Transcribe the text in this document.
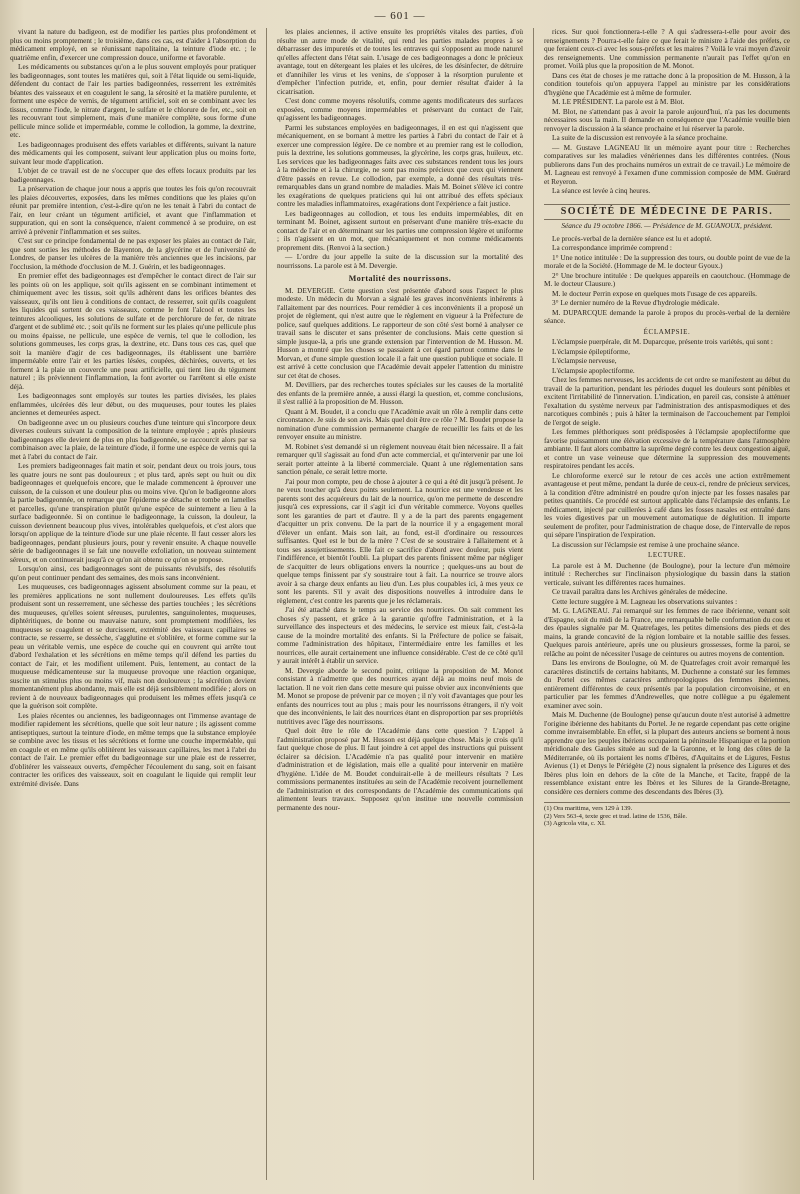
— 601 —

vivant la nature du badigeon, est de modifier les parties plus profondément et plus ou moins promptement ; le troisième, dans ces cas, est d'aider à l'absorption du médicament employé, en se réunissant napolitaine, la teinture d'iode etc. ; le quatrième enfin, d'exercer une compression douce, uniforme et favorable.

Les médicaments ou substances qu'on a le plus souvent employés pour pratiquer les badigeonnages, sont toutes les matières qui, soit à l'état liquide ou semi-liquide, défendent du contact de l'air les parties badigeonnées, resserrent les extrémités béantes des vaisseaux et en coagulent le sang, la sérosité et la matière purulente, et forment une espèce de vernis, de tégument artificiel, soit en se combinant avec les tissus, comme l'iode, le nitrate d'argent, le sulfate et le chlorure de fer, etc., soit en les recouvrant tout simplement, mais d'une manière complète, sous forme d'une pellicule mince solide et imperméable, comme le collodion, la gomme, la dextrine, etc.

Les badigeonnages produisent des effets variables et différents, suivant la nature des médicaments qui les composent, suivant leur application plus ou moins forte, suivant leur mode d'application.

L'objet de ce travail est de ne s'occuper que des effets locaux produits par les badigeonnages.

La préservation de chaque jour nous a appris que toutes les fois qu'on recouvrait les plaies découvertes, exposées, dans les mêmes conditions que les plaies qu'on réunit par première intention, c'est-à-dire qu'on ne les tenait à l'abri du contact de l'air, en leur créant un tégument artificiel, et avant que l'inflammation et suppuration, qui en sont la conséquence, n'aient commencé à se produire, on est arrivé à prévenir l'inflammation et ses suites.

C'est sur ce principe fondamental de ne pas exposer les plaies au contact de l'air, que sont sorties les méthodes de Bayenton, de la glycérine et de l'université de Londres, de panser les ulcères de la manière très anciennes que les incisions, par l'occlusion, la méthode d'occlusion de M. J. Guérin, et les badigeonnages.

En premier effet des badigeonnages est d'empêcher le contact direct de l'air sur les points où on les applique, soit qu'ils agissent en se combinant intimement et chimiquement avec les tissus, soit qu'ils adhèrent dans les orifices béantes des vaisseaux, qu'ils ont lieu à conditions de contact, de resserrer, soit qu'ils coagulent les liquides qui sortent de ces vaisseaux, comme le font l'alcool et toutes les teintures alcooliques, les solutions de sulfate et de perchlorure de fer, de nitrate d'argent et de sublimé etc. ; soit qu'ils ne forment sur les plaies qu'une pellicule plus ou moins épaisse, ne pellicule, une espèce de vernis, tel que le collodion, les solutions gommeuses, les corps gras, la dextrine, etc. Dans tous ces cas, quel que soit la manière d'agir de ces badigeonnages, ils établissent une barrière imperméable entre l'air et les parties lésées, coupées, déchirées, ouverts, et les forment à la plaie un couvercle une peau artificielle, qui tient lieu du tégument naturel ; ils préviennent l'inflammation, la font avorter ou l'arrêtent si elle existe déjà.

Les badigeonnages sont employés sur toutes les parties divisées, les plaies enflammées, ulcérées dès leur début, ou des muqueuses, pour toutes les plaies anciennes et demeurées aspect.

On badigeonne avec un ou plusieurs couches d'une teinture qui s'incorpore deux diverses couleurs suivant la composition de la teinture employée ; après plusieurs badigeonnages elle devient de plus en plus badigeonnée, se raccourcit alors par sa combinaison avec la plaie, de la teinture d'iode, il forme une espèce de vernis qui la met à l'abri du contact de l'air.

Les premiers badigeonnages fait matin et soir, pendant deux ou trois jours, tous les quatre jours ne sont pas douloureux ; et plus tard, après sept ou huit ou dix badigeonnages et quelquefois encore, que le malade commencent à éprouver une cuisson, de la cuisson et une douleur plus ou moins vive. Qu'on le badigeonne alors la partie badigeonnée, on remarque que l'épiderme se détache et tombe en lamelles et parcelles, qu'une transpiration plutôt qu'une espèce de suintement a lieu à la surface badigeonnée. Si on continue le badigeonnage, la cuisson, la douleur, la cuisson deviennent beaucoup plus vives, intolérables quelquefois, et c'est alors que lorsqu'on applique de la teinture d'iode sur une plaie récente. Il faut cesser alors les badigeonnages, pendant plusieurs jours, pour y revenir ensuite. A chaque nouvelle série de badigeonnages il se fait une nouvelle exfoliation, un nouveau suintement séreux, et on continuerait jusqu'à ce qu'on ait obtenu ce qu'on se propose.

Lorsqu'on ainsi, ces badigeonnages sont de puissants révulsifs, des résolutifs qu'on peut continuer pendant des semaines, des mois sans inconvénient.

Les muqueuses, ces badigeonnages agissent absolument comme sur la peau, et les premières applications ne sont nullement douloureuses. Les effets qu'ils produisent sont un resserrement, une séchesse des parties touchées ; les sécrétions des muqueuses, qu'elles soient séreuses, purulentes, sanguinolentes, muqueuses, diphtéritiques, de bonne ou mauvaise nature, sont promptement modifiées, les muqueuses se coagulent et se durcissent, extrémité des vaisseaux capillaires se contracte, se resserre, se dessèche, s'agglutine et s'oblitère, et forme comme sur la peau un véritable vernis, une espèce de couche qui en couvrent qui arrête tout d'abord l'exhalation et les sécrétions en même temps qu'il défend les parties du contact de l'air, et les modifient utilement. Puis, lentement, au contact de la muqueuse médicamenteuse sur la muqueuse provoque une réaction organique, suscite un stimulus plus ou moins vif, mais non douloureux ; la sécrétion devient momentanément plus abondante, mais elle est déjà sensiblement modifiée ; alors on revient à de nouveaux badigeonnages qui produisent les mêmes effets jusqu'à ce que la guérison soit complète.

Les plaies récentes ou anciennes, les badigeonnages ont l'immense avantage de modifier rapidement les sécrétions, quelle que soit leur nature ; ils agissent comme antiseptiques, surtout la teinture d'iode, en même temps que la substance employée se combine avec les tissus et les sécrétions et forme une couche imperméable, qui en coagule et en même qu'ils oblitèrent les vaisseaux capillaires, les met à l'abri du contact de l'air. Le premier effet du badigeonnage sur une plaie est de resserrer, d'oblitérer les vaisseaux ouverts, d'empêcher l'écoulement du sang, soit en faisant contracter les orifices des vaisseaux, soit en coagulant le liquide qui remplit leur extrémité divisée. Dans

les plaies anciennes, il active ensuite les propriétés vitales des parties, d'où résulte un autre mode de vitalité, qui rend les parties malades propres à se débarrasser des impuretés et de toutes les entraves qui s'opposent au mode naturel qu'elles affectent dans l'état sain. L'usage de ces badigeonnages a donc le précieux avantage, tout en détergeant les plaies et les ulcères, de les désinfecter, de détruire et d'annihiler les virus et les venins, de s'opposer à la résorption purulente et d'empêcher l'infection putride, et, enfin, pour dernier résultat d'aider à la cicatrisation.

C'est donc comme moyens résolutifs, comme agents modificateurs des surfaces exposées, comme moyens imperméables et préservant du contact de l'air, qu'agissent les badigeonnages.

Parmi les substances employées en badigeonnages, il en est qui n'agissent que mécaniquement, en se bornant à mettre les parties à l'abri du contact de l'air et à exercer une compression légère. De ce nombre et au premier rang est le collodion, puis la dextrine, les solutions gommeuses, la glycérine, les corps gras, huileux, etc. Les services que les badigeonnages faits avec ces substances rendent tous les jours à la médecine et à la chirurgie, ne sont pas moins précieux que ceux qui viennent d'être passés en revue. Le collodion, par exemple, a donné des résultats très-remarquables dans un grand nombre de maladies. Mais M. Boinet s'élève ici contre les exagérations de quelques praticiens qui lui ont attribué des effets spéciaux contre les maladies inflammatoires, exagérations dont l'expérience a fait justice.

Les badigeonnages au collodion, et tous les enduits imperméables, dit en terminant M. Boinet, agissent surtout en préservant d'une manière très-exacte du contact de l'air et en déterminant sur les parties une compression légère et uniforme ; ils n'agissent en un mot, que mécaniquement et non comme médicaments proprement dits. (Renvoi à la section.)

— L'ordre du jour appelle la suite de la discussion sur la mortalité des nourrissons. La parole est à M. Devergie.

Mortalité des nourrissons.

M. DEVERGIE. Cette question s'est présentée d'abord sous l'aspect le plus modeste. Un médecin du Morvan a signalé les graves inconvénients inhérents à l'allaitement par des nourrices. Pour remédier à ces inconvénients il a proposé un projet de règlement, qui n'est autre que le règlement en vigueur à la Préfecture de police, sauf quelques additions. Le rapporteur de son côté s'est borné à analyser ce travail sans le discuter et sans présenter de conclusions. Mais cette question si simple jusque-là, a pris une grande extension par l'intervention de M. Husson. M. Husson a montré que les choses se passaient à cet égard partout comme dans le Morvan, et d'une simple question locale il a fait une question publique et sociale. Il est arrivé à cette conclusion que l'Académie devait appeler l'attention du ministre sur cet état de choses.

M. Devilliers, par des recherches toutes spéciales sur les causes de la mortalité des enfants de la première année, a aussi élargi la question, et, comme conclusions, il s'est rallié à la proposition de M. Husson.

Quant à M. Boudet, il a conclu que l'Académie avait un rôle à remplir dans cette circonstance. Je suis de son avis. Mais quel doit être ce rôle ? M. Boudet propose la nomination d'une commission permanente chargée de recueillir les faits et de les renvoyer ensuite au ministre.

M. Robinet s'est demandé si un règlement nouveau était bien nécessaire. Il a fait remarquer qu'il s'agissait au fond d'un acte commercial, et qu'intervenir par une loi serait porter atteinte à la liberté commerciale. Quant à une réglementation sans sanction pénale, ce serait lettre morte.

J'ai pour mon compte, peu de chose à ajouter à ce qui a été dit jusqu'à présent. Je ne veux toucher qu'à deux points seulement. La nourrice est une vendeuse et les parents sont des acquéreurs du lait de la nourrice, qu'on me permette de descendre jusqu'à ces expressions, car il s'agit ici d'un véritable commerce. Voyons quelles sont les garanties de part et d'autre. Il y a de la part des parents engagement d'acquitter un prix convenu. De la part de la nourrice il y a engagement moral d'élever un enfant. Mais son lait, au fond, est-il d'ordinaire ou ressources suffisantes. Quel est le but de la mère ? C'est de se soustraire à l'allaitement et à tous ses assujettissements. Elle fait ce sacrifice d'abord avec douleur, puis vient l'indifférence, et bientôt l'oubli. La plupart des parents finissent même par négliger de s'acquitter de leurs obligations envers la nourrice ; quelques-uns au bout de quelque temps finissent par s'y soustraire tout à fait. La nourrice se trouve alors avoir à sa charge deux enfants au lieu d'un. Les plus coupables ici, à mes yeux ce sont les parents. S'il y avait des dispositions nouvelles à introduire dans le règlement, c'est contre les parents que je les réclamerais.

J'ai été attaché dans le temps au service des nourrices. On sait comment les choses s'y passent, et grâce à la garantie qu'offre l'administration, et à la surveillance des inspecteurs et des médecins, le service est mieux fait, c'est-à-la cause de la moindre mortalité des enfants. Si la Préfecture de police se faisait, comme l'administration des hôpitaux, l'intermédiaire entre les familles et les nourrices, elle aurait certainement une influence considérable. C'est de ce côté qu'il y aurait intérêt à établir un service.

M. Devergie aborde le second point, critique la proposition de M. Monot consistant à n'admettre que des nourrices ayant déjà au moins neuf mois de lactation. Il ne voit rien dans cette mesure qui puisse obvier aux inconvénients que M. Monot se propose de prévenir par ce moyen ; il n'y voit d'avantages que pour les enfants des nourrices tout au plus ; mais pour les nourrissons étrangers, il n'y voit que des inconvénients, le lait des nourrices étant en disproportion par ses propriétés nutritives avec l'âge des nourrissons.

Quel doit être le rôle de l'Académie dans cette question ? L'appel à l'administration proposé par M. Husson est déjà quelque chose. Mais je crois qu'il faut quelque chose de plus. Il faut joindre à cet appel des instructions qui puissent éclairer sa décision. L'Académie n'a pas qualité pour intervenir en matière d'administration et de législation, mais elle a qualité pour intervenir en matière d'hygiène. L'idée de M. Boudet conduirait-elle à de meilleurs résultats ? Les commissions permanentes instituées au sein de l'Académie recoivent journellement de l'administration et des correspondants de l'Académie des communications qui alimentent leurs travaux. Supposez qu'on institue une nouvelle commission permanente des nour-

rices. Sur quoi fonctionnera-t-elle ? A qui s'adressera-t-elle pour avoir des renseignements ? Pourra-t-elle faire ce que ferait le ministre à l'aide des préfets, ce que feraient ceux-ci avec les sous-préfets et les maires ? Voilà le vrai moyen d'avoir des renseignements. Une commission permanente n'aurait pas l'effet qu'on en promet. Voilà plus que la proposition de M. Monot.

Dans ces état de choses je me rattache donc à la proposition de M. Husson, à la condition toutefois qu'on appuyera l'appel au ministre par les considérations d'hygiène que l'Académie est à même de formuler.

M. LE PRÉSIDENT. La parole est à M. Blot.

M. Blot, ne s'attendant pas à avoir la parole aujourd'hui, n'a pas les documents nécessaires sous la main. Il demande en conséquence que l'Académie veuille bien renvoyer la discussion à la séance prochaine et lui réserver la parole.

La suite de la discussion est renvoyée à la séance prochaine.

— M. Gustave LAGNEAU lit un mémoire ayant pour titre : Recherches comparatives sur les maladies vénériennes dans les différentes contrées. (Nous publierons dans l'un des prochains numéros un extrait de ce travail.) Le mémoire de M. Lagneau est renvoyé à l'examen d'une commission composée de MM. Guérard et Reyeron.

La séance est levée à cinq heures.

SOCIÉTÉ DE MÉDECINE DE PARIS.
Séance du 19 octobre 1866. — Présidence de M. GUANOUX, président.

Le procès-verbal de la dernière séance est lu et adopté.

La correspondance imprimée comprend :

1° Une notice intitulée : De la suppression des tours, ou double point de vue de la morale et de la Société. (Hommage de M. le docteur Gyoux.)

2° Une brochure intitulée : De quelques appareils en caoutchouc. (Hommage de M. le docteur Clausure.)

M. le docteur Perrin expose en quelques mots l'usage de ces appareils.

3° Le dernier numéro de la Revue d'hydrologie médicale.

M. DUPARCQUE demande la parole à propos du procès-verbal de la dernière séance.

ÉCLAMPSIE.

L'éclampsie puerpérale, dit M. Duparcque, présente trois variétés, qui sont :

L'éclampsie épileptiforme,

L'éclampsie nerveuse,

L'éclampsie apoplectiforme.

Chez les femmes nerveuses, les accidents de cet ordre se manifestent au début du travail de la parturition, pendant les périodes duquel les douleurs sont pénibles et excitent l'irritabilité de l'innervation. L'indication, en pareil cas, consiste à atténuer l'exaltation du système nerveux par l'administration des antispasmodiques et des narcotiques combinés ; puis à hâter la terminaison de l'accouchement par l'emploi de l'ergot de seigle.

Les femmes pléthoriques sont prédisposées à l'éclampsie apoplectiforme que favorise puissamment une élévation excessive de la température dans l'atmosphère ambiante. Il faut alors combattre la suprême degré contre les deux congestion aiguë, et contre un vase veineuse que détermine la suppression des mouvements respiratoires pendant les accès.

Le chloroforme exercé sur le retour de ces accès une action extrêmement avantageuse et peut même, pendant la durée de ceux-ci, rendre de précieux services, à la condition d'être administré en poudre qu'on injecte par les fosses nasales par petites quantités. Ce procédé est surtout applicable dans l'éclampsie des enfants. Le médicament, injecté par cuillerées à café dans les fosses nasales est entraîné dans les voies digestives par un mouvement automatique de déglutition. Il importe seulement de profiter, pour l'administration de chaque dose, de l'intervalle de repos qui sépare l'inspiration de l'expiration.

La discussion sur l'éclampsie est remise à une prochaine séance.

LECTURE.

La parole est à M. Duchenne (de Boulogne), pour la lecture d'un mémoire intitulé : Recherches sur l'inclinaison physiologique du bassin dans la station verticale, suivant les différentes races humaines.

Ce travail paraîtra dans les Archives générales de médecine.

Cette lecture suggère à M. Lagneau les observations suivantes :

M. G. LAGNEAU. J'ai remarqué sur les femmes de race ibérienne, venant soit d'Espagne, soit du midi de la France, une remarquable belle conformation du cou et des épaules signalée par M. Quatrefages, les petites dimensions des pieds et des mains, la grande concavité de la région lombaire et la notable saillie des fesses. Quelques parois antérieure, après une ou plusieurs grossesses, forme la paroi, se relâche au point de nécessiter l'usage de ceintures ou autres moyens de contention.

Dans les environs de Boulogne, où M. de Quatrefages croit avoir remarqué les caractères distinctifs de certains habitants, M. Duchenne a constaté sur les femmes du Portel ces mêmes caractères anthropologiques des femmes ibériennes, entièrement différentes de ceux présentés par la population circonvoisine, et en particulier par les femmes d'Andrewelles, que notre collègue a pu également examiner avec soin.

Mais M. Duchenne (de Boulogne) pense qu'aucun doute n'est autorisé à admettre l'origine ibérienne des habitants du Portel. Je ne regarde cependant pas cette origine comme invraisemblable. En effet, si la plupart des auteurs anciens se bornent à nous apprendre que les peuples ibériens occupaient la péninsule Hispanique et la portion méridionale des Gaules située au sud de la Garonne, et le long des côtes de la Méditerranée, où ils portaient les noms d'Ibères, d'Aquitains et de Ligures, Festus Avienus (1) et Denys le Périégète (2) nous signalent la présence des Ligures et des Ibères plus loin en dehors de la côte de la Manche, et Tacite, frappé de la ressemblance existant entre les Ibères et les Silures de la Grande-Bretagne, considère ces derniers comme des descendants des Ibères (3).

(1) Ora maritima, vers 129 à 139.
(2) Vers 563-4, texte grec et trad. latine de 1536, Bâle.
(3) Agricola vita, c. XI.
